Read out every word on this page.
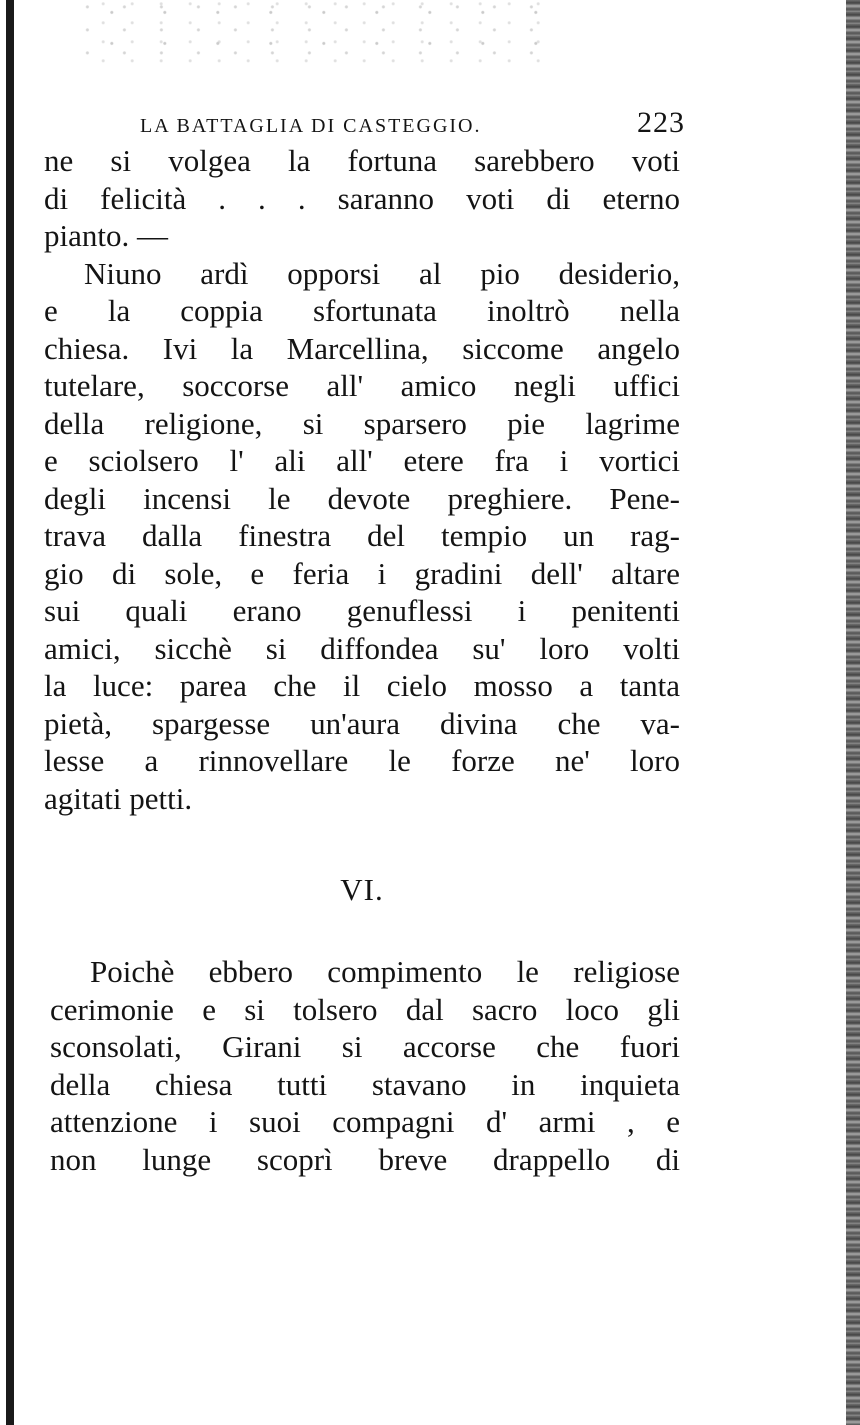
LA BATTAGLIA DI CASTEGGIO.	223
ne si volgea la fortuna sarebbero voti
di felicità . . . saranno voti di eterno
pianto. —
Niuno ardì opporsi al pio desiderio,
e la coppia sfortunata inoltrò nella
chiesa. Ivi la Marcellina, siccome angelo
tutelare, soccorse all' amico negli uffici
della religione, si sparsero pie lagrime
e sciolsero l' ali all' etere fra i vortici
degli incensi le devote preghiere. Pene-
trava dalla finestra del tempio un rag-
gio di sole, e feria i gradini dell' altare
sui quali erano genuflessi i penitenti
amici, sicchè si diffondea su' loro volti
la luce: parea che il cielo mosso a tanta
pietà, spargesse un'aura divina che va-
lesse a rinnovellare le forze ne' loro
agitati petti.
VI.
Poichè ebbero compimento le religiose
cerimonie e si tolsero dal sacro loco gli
sconsolati, Girani si accorse che fuori
della chiesa tutti stavano in inquieta
attenzione i suoi compagni d' armi , e
non lunge scoprì breve drappello di
